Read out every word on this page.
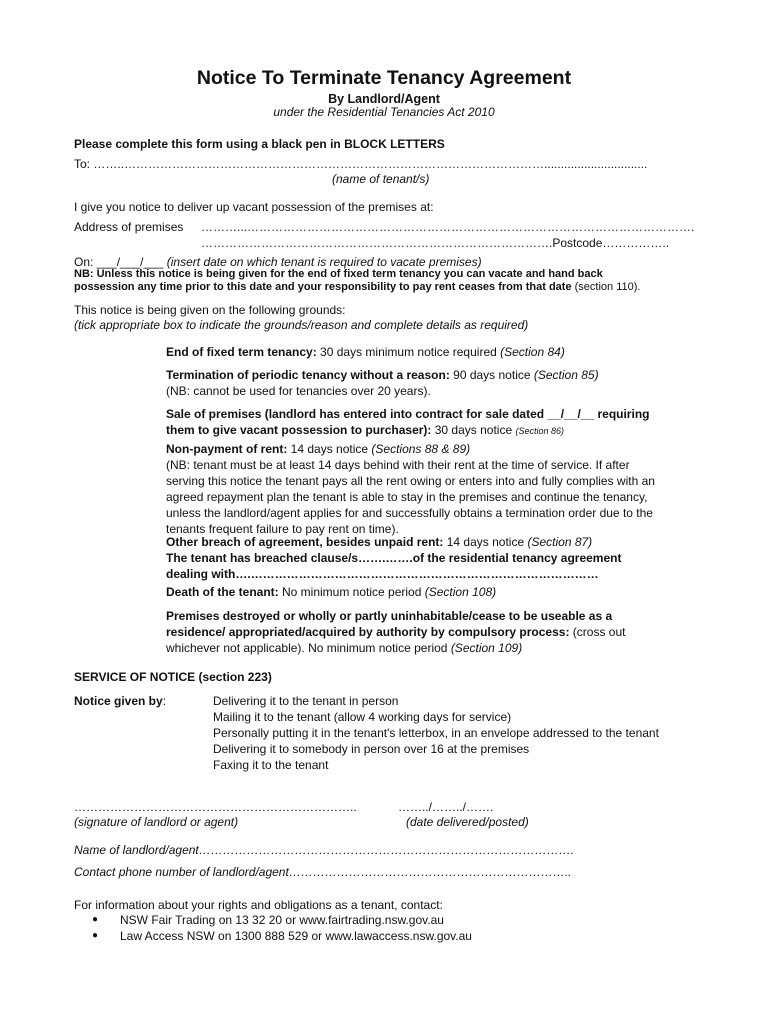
Notice To Terminate Tenancy Agreement
By Landlord/Agent
under the Residential Tenancies Act 2010
Please complete this form using a black pen in BLOCK LETTERS
To: ……..……………………………………………………………………………………………...............................
(name of tenant/s)
I give you notice to deliver up vacant possession of the premises at:
Address of premises ………...………………………………………………………………………………………………….
…………………………………………………………………………….Postcode……………..
On: ___/___/___ (insert date on which tenant is required to vacate premises)
NB: Unless this notice is being given for the end of fixed term tenancy you can vacate and hand back
possession any time prior to this date and your responsibility to pay rent ceases from that date (section 110).
This notice is being given on the following grounds:
(tick appropriate box to indicate the grounds/reason and complete details as required)
End of fixed term tenancy: 30 days minimum notice required (Section 84)
Termination of periodic tenancy without a reason: 90 days notice (Section 85)
(NB: cannot be used for tenancies over 20 years).
Sale of premises (landlord has entered into contract for sale dated __/__/__ requiring
them to give vacant possession to purchaser): 30 days notice (Section 86)
Non-payment of rent: 14 days notice (Sections 88 & 89)
(NB: tenant must be at least 14 days behind with their rent at the time of service. If after
serving this notice the tenant pays all the rent owing or enters into and fully complies with an
agreed repayment plan the tenant is able to stay in the premises and continue the tenancy,
unless the landlord/agent applies for and successfully obtains a termination order due to the
tenants frequent failure to pay rent on time).
Other breach of agreement, besides unpaid rent: 14 days notice (Section 87)
The tenant has breached clause/s…….…….of the residential tenancy agreement
dealing with….……………………………………………………………………………
Death of the tenant: No minimum notice period (Section 108)
Premises destroyed or wholly or partly uninhabitable/cease to be useable as a
residence/ appropriated/acquired by authority by compulsory process: (cross out
whichever not applicable). No minimum notice period (Section 109)
SERVICE OF NOTICE (section 223)
Notice given by:	Delivering it to the tenant in person
Mailing it to the tenant (allow 4 working days for service)
Personally putting it in the tenant's letterbox, in an envelope addressed to the tenant
Delivering it to somebody in person over 16 at the premises
Faxing it to the tenant
……………………………………………………………..
(signature of landlord or agent)
……../……../…….
(date delivered/posted)
Name of landlord/agent………………………………………………………………………………….
Contact phone number of landlord/agent……………………………………………………………..
For information about your rights and obligations as a tenant, contact:
●	NSW Fair Trading on 13 32 20 or www.fairtrading.nsw.gov.au
●	Law Access NSW on 1300 888 529 or www.lawaccess.nsw.gov.au
